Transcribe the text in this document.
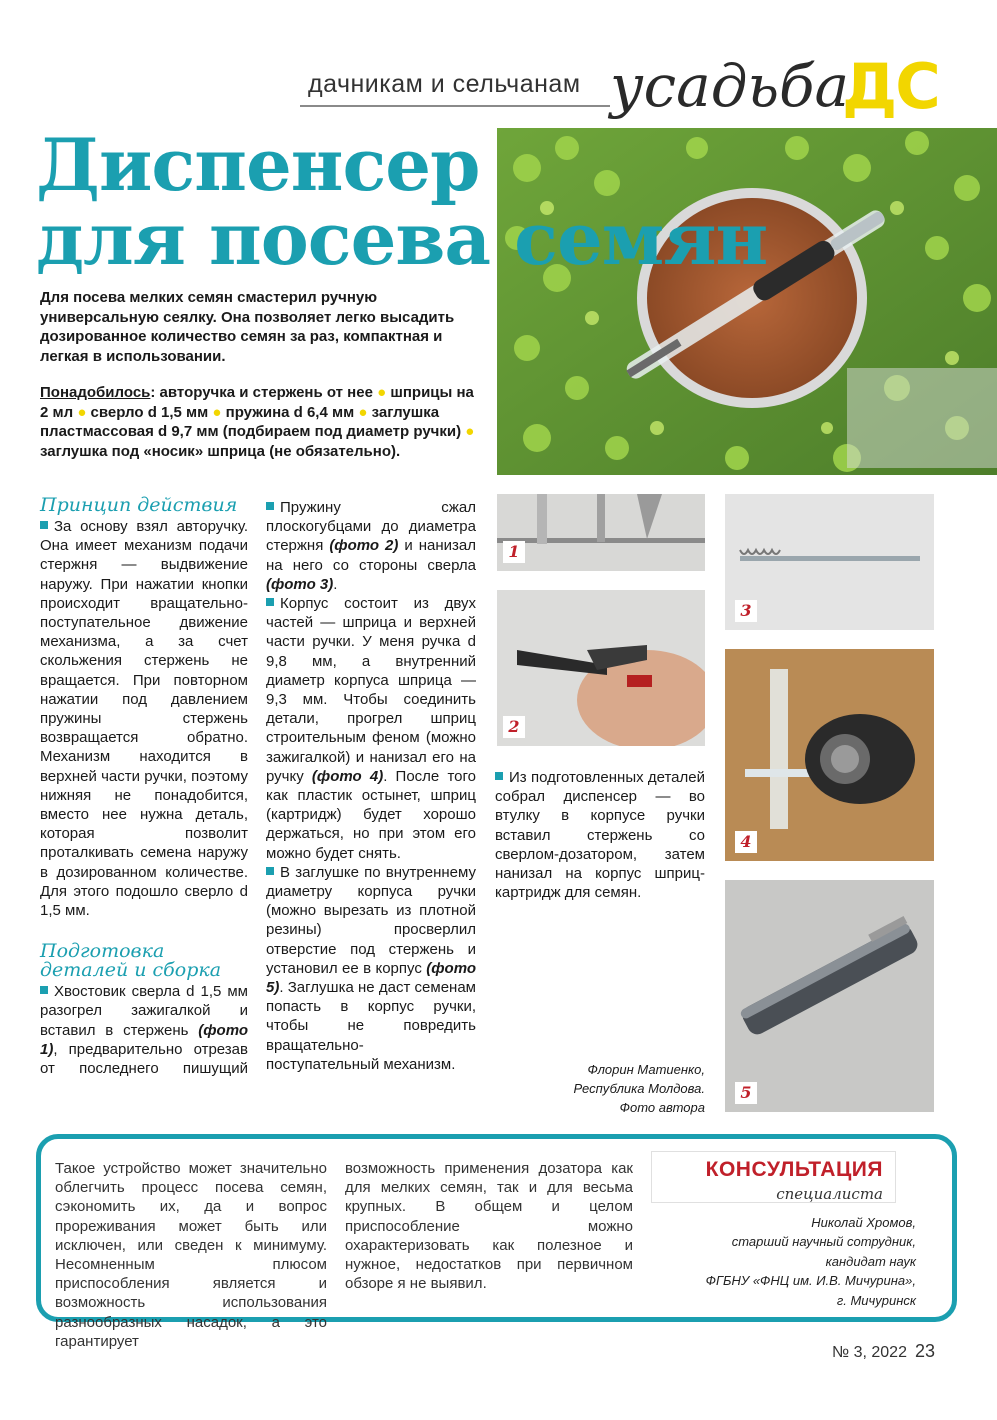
дачникам и сельчанам усадьба
ДС
Диспенсер
для посева семян
Для посева мелких семян смастерил ручную универсальную сеялку. Она позволяет легко высадить дозированное количество семян за раз, компактная и легкая в использовании.
Понадобилось: авторучка и стержень от нее ● шприцы на 2 мл ● сверло d 1,5 мм ● пружина d 6,4 мм ● заглушка пластмассовая d 9,7 мм (подбираем под диаметр ручки) ● заглушка под «носик» шприца (не обязательно).
Принцип действия

За основу взял авторучку. Она имеет механизм подачи стержня — выдвижение наружу. При нажатии кнопки происходит вращательно-поступательное движение механизма, а за счет скольжения стержень не вращается. При повторном нажатии под давлением пружины стержень возвращается обратно. Механизм находится в верхней части ручки, поэтому нижняя не понадобится, вместо нее нужна деталь, которая позволит проталкивать семена наружу в дозированном количестве. Для этого подошло сверло d 1,5 мм.

Подготовка
деталей и сборка

Хвостовик сверла d 1,5 мм разогрел зажигалкой и вставил в стержень (фото 1), предварительно отрезав от последнего пишущий

Пружину сжал плоскогубцами до диаметра стержня (фото 2) и нанизал на него со стороны сверла (фото 3).

Корпус состоит из двух частей — шприца и верхней части ручки. У меня ручка d 9,8 мм, а внутренний диаметр корпуса шприца — 9,3 мм. Чтобы соединить детали, прогрел шприц строительным феном (можно зажигалкой) и нанизал его на ручку (фото 4). После того как пластик остынет, шприц (картридж) будет хорошо держаться, но при этом его можно будет снять.

В заглушке по внутреннему диаметру корпуса ручки (можно вырезать из плотной резины) просверлил отверстие под стержень и установил ее в корпус (фото 5). Заглушка не даст семенам попасть в корпус ручки, чтобы не повредить вращательно-поступательный механизм.

Из подготовленных деталей собрал диспенсер — во втулку в корпусе ручки вставил стержень со сверлом-дозатором, затем нанизал на корпус шприц-картридж для семян.

Флорин Матиенко,
Республика Молдова.
Фото автора
1
2
3
4
5
Такое устройство может значительно облегчить процесс посева семян, сэкономить их, да и вопрос прореживания может быть или исключен, или сведен к минимуму. Несомненным плюсом приспособления является и возможность использования разнообразных насадок, а это гарантирует
возможность применения дозатора как для мелких семян, так и для весьма крупных. В общем и целом приспособление можно охарактеризовать как полезное и нужное, недостатков при первичном обзоре я не выявил.
КОНСУЛЬТАЦИЯ
специалиста
Николай Хромов,
старший научный сотрудник,
кандидат наук
ФГБНУ «ФНЦ им. И.В. Мичурина»,
г. Мичуринск
№ 3, 2022 23
